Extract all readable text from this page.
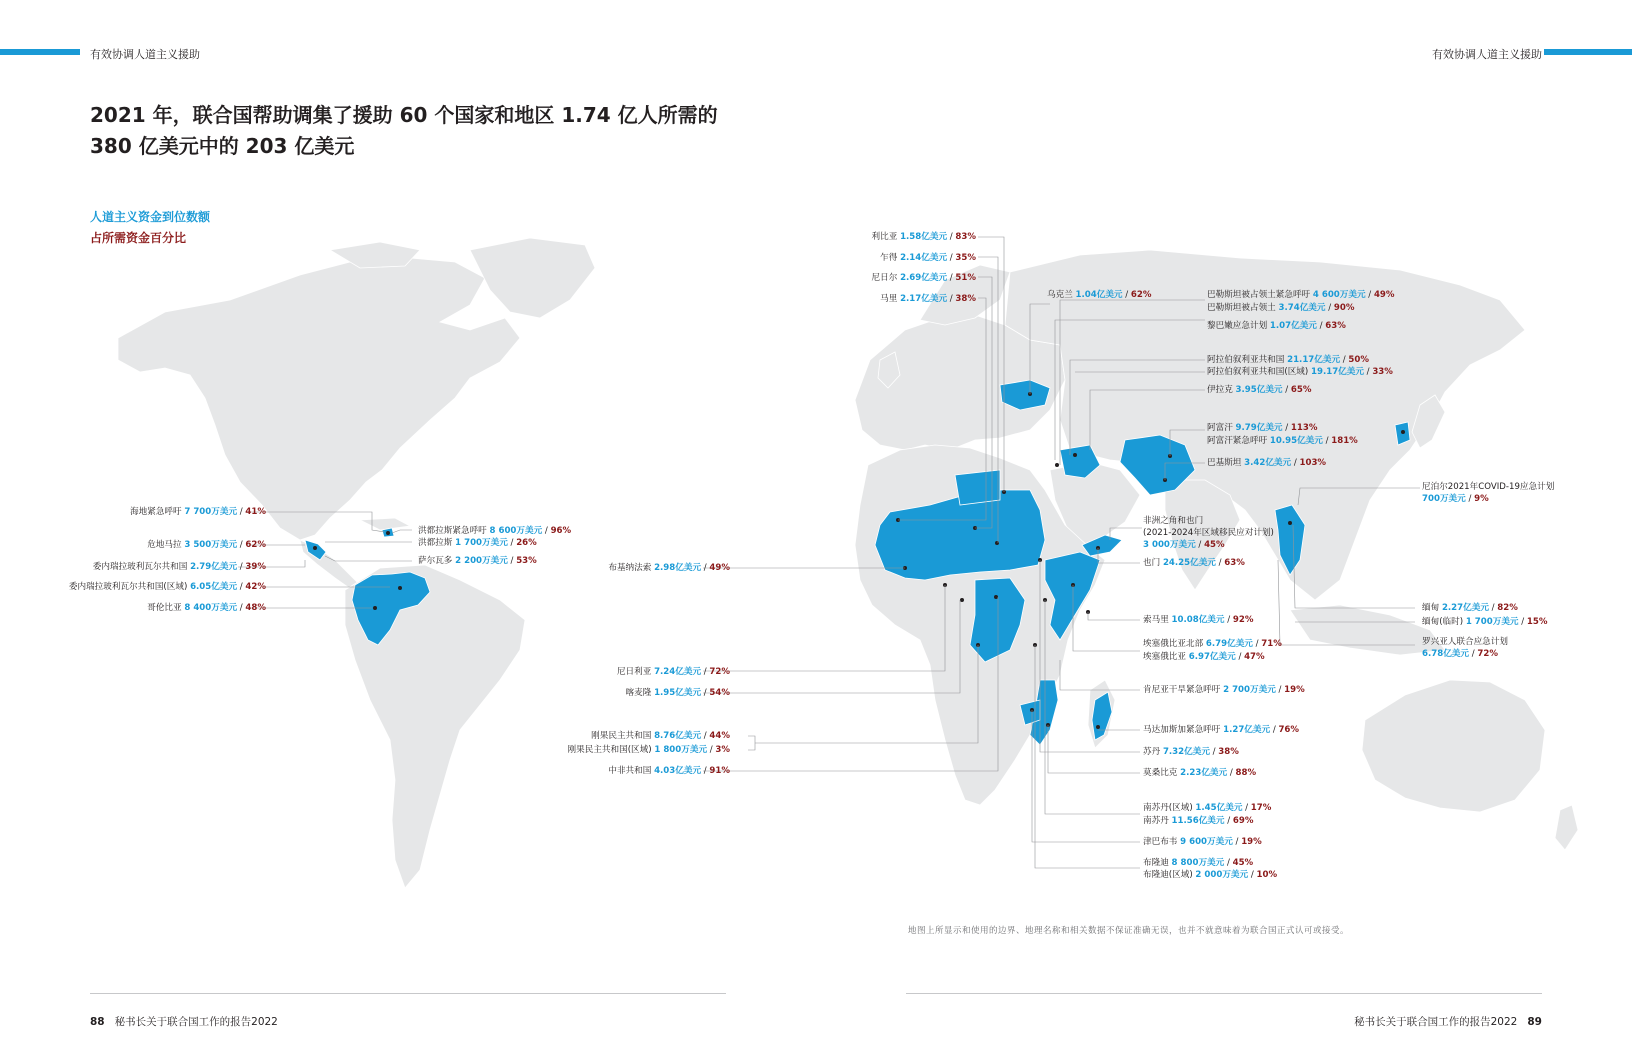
有效协调人道主义援助	有效协调人道主义援助
2021 年，联合国帮助调集了援助 60 个国家和地区 1.74 亿人所需的
380 亿美元中的 203 亿美元
人道主义资金到位数额
占所需资金百分比
海地紧急呼吁 7 700万美元 / 41%
危地马拉 3 500万美元 / 62%
委内瑞拉玻利瓦尔共和国 2.79亿美元 / 39%
委内瑞拉玻利瓦尔共和国(区域) 6.05亿美元 / 42%
哥伦比亚 8 400万美元 / 48%
洪都拉斯紧急呼吁 8 600万美元 / 96%
洪都拉斯 1 700万美元 / 26%
萨尔瓦多 2 200万美元 / 53%
利比亚 1.58亿美元 / 83%
乍得 2.14亿美元 / 35%
尼日尔 2.69亿美元 / 51%
马里 2.17亿美元 / 38%
布基纳法索 2.98亿美元 / 49%
尼日利亚 7.24亿美元 / 72%
喀麦隆 1.95亿美元 / 54%
刚果民主共和国 8.76亿美元 / 44%
刚果民主共和国(区域) 1 800万美元 / 3%
中非共和国 4.03亿美元 / 91%
乌克兰 1.04亿美元 / 62%	巴勒斯坦被占领土紧急呼吁 4 600万美元 / 49%
巴勒斯坦被占领土 3.74亿美元 / 90%
黎巴嫩应急计划 1.07亿美元 / 63%
阿拉伯叙利亚共和国 21.17亿美元 / 50%
阿拉伯叙利亚共和国(区域) 19.17亿美元 / 33%
伊拉克 3.95亿美元 / 65%
阿富汗 9.79亿美元 / 113%
阿富汗紧急呼吁 10.95亿美元 / 181%
巴基斯坦 3.42亿美元 / 103%
尼泊尔2021年COVID-19应急计划
700万美元 / 9%
非洲之角和也门
(2021-2024年区域移民应对计划)
3 000万美元 / 45%
也门 24.25亿美元 / 63%
索马里 10.08亿美元 / 92%
埃塞俄比亚北部 6.79亿美元 / 71%
埃塞俄比亚 6.97亿美元 / 47%
肯尼亚干旱紧急呼吁 2 700万美元 / 19%
马达加斯加紧急呼吁 1.27亿美元 / 76%
苏丹 7.32亿美元 / 38%
莫桑比克 2.23亿美元 / 88%
南苏丹(区域) 1.45亿美元 / 17%
南苏丹 11.56亿美元 / 69%
津巴布韦 9 600万美元 / 19%
布隆迪 8 800万美元 / 45%
布隆迪(区域) 2 000万美元 / 10%
缅甸 2.27亿美元 / 82%
缅甸(临时) 1 700万美元 / 15%
罗兴亚人联合应急计划
6.78亿美元 / 72%
地图上所显示和使用的边界、地理名称和相关数据不保证准确无误，也并不就意味着为联合国正式认可或接受。
88 秘书长关于联合国工作的报告2022	秘书长关于联合国工作的报告2022 89
